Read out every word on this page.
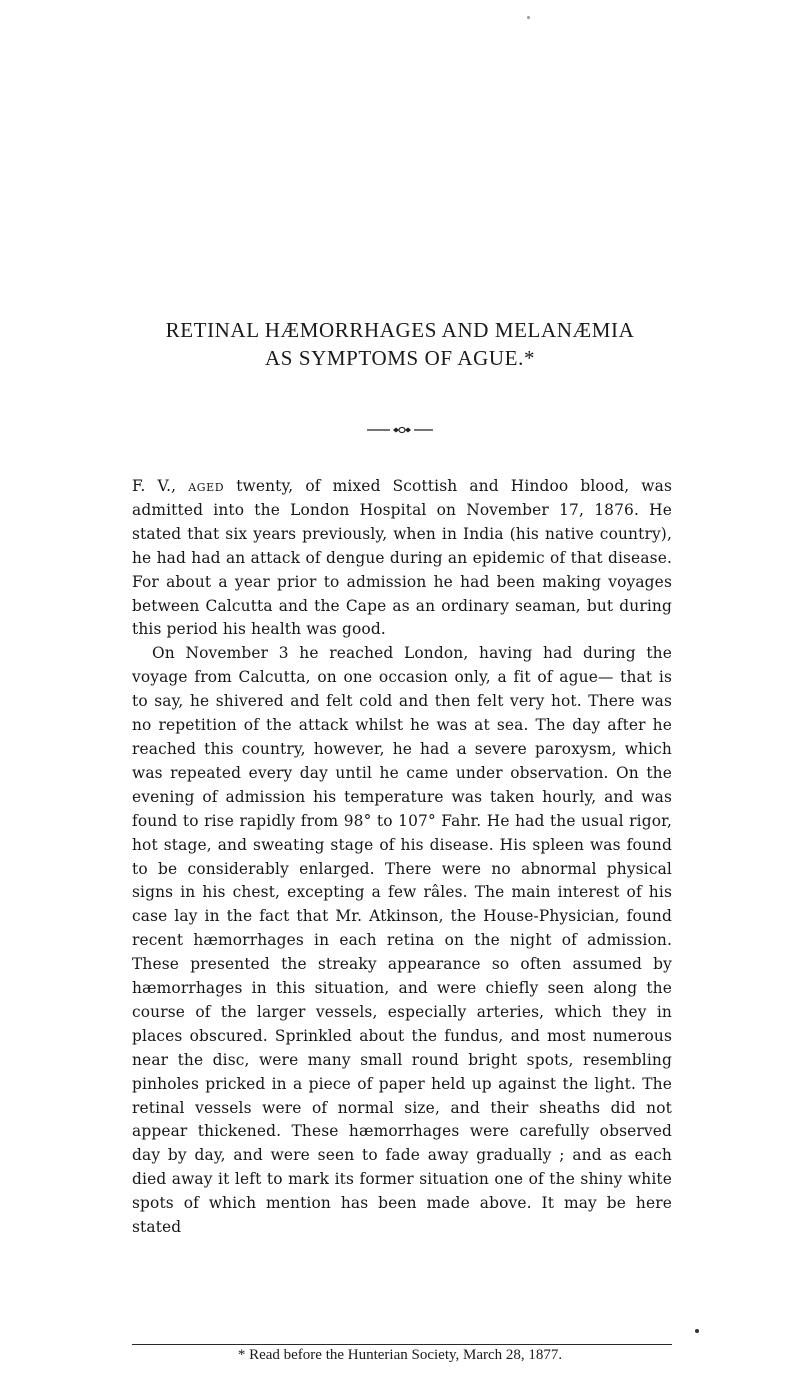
RETINAL HÆMORRHAGES AND MELANÆMIA
AS SYMPTOMS OF AGUE.*

F. V., aged twenty, of mixed Scottish and Hindoo blood, was admitted into the London Hospital on November 17, 1876. He stated that six years previously, when in India (his native country), he had had an attack of dengue during an epidemic of that disease. For about a year prior to admission he had been making voyages between Calcutta and the Cape as an ordinary seaman, but during this period his health was good.

On November 3 he reached London, having had during the voyage from Calcutta, on one occasion only, a fit of ague— that is to say, he shivered and felt cold and then felt very hot. There was no repetition of the attack whilst he was at sea. The day after he reached this country, however, he had a severe paroxysm, which was repeated every day until he came under observation. On the evening of admission his temperature was taken hourly, and was found to rise rapidly from 98° to 107° Fahr. He had the usual rigor, hot stage, and sweating stage of his disease. His spleen was found to be considerably enlarged. There were no abnormal physical signs in his chest, excepting a few râles. The main interest of his case lay in the fact that Mr. Atkinson, the House-Physician, found recent hæmorrhages in each retina on the night of admission. These presented the streaky appearance so often assumed by hæmorrhages in this situation, and were chiefly seen along the course of the larger vessels, especially arteries, which they in places obscured. Sprinkled about the fundus, and most numerous near the disc, were many small round bright spots, resembling pinholes pricked in a piece of paper held up against the light. The retinal vessels were of normal size, and their sheaths did not appear thickened. These hæmorrhages were carefully observed day by day, and were seen to fade away gradually ; and as each died away it left to mark its former situation one of the shiny white spots of which mention has been made above. It may be here stated

* Read before the Hunterian Society, March 28, 1877.
